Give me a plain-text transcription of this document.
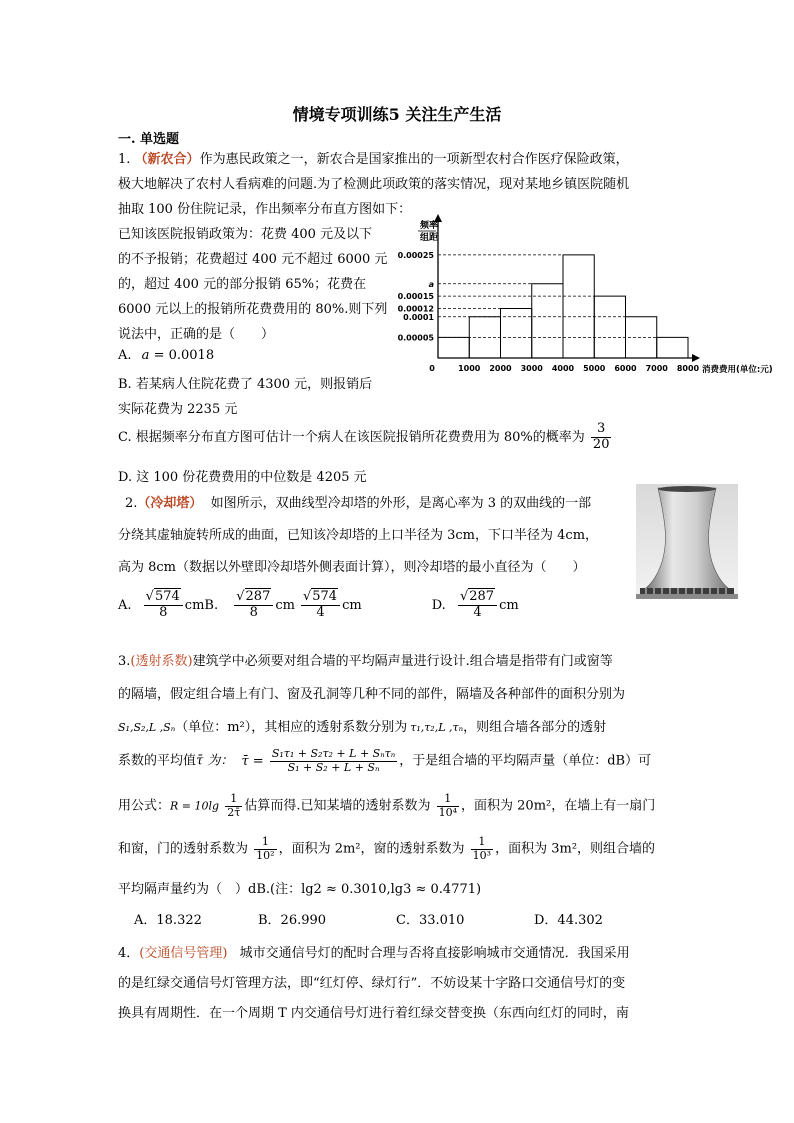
情境专项训练5 关注生产生活
一. 单选题
1. （新农合）作为惠民政策之一，新农合是国家推出的一项新型农村合作医疗保险政策，
极大地解决了农村人看病难的问题.为了检测此项政策的落实情况，现对某地乡镇医院随机
抽取 100 份住院记录，作出频率分布直方图如下：
已知该医院报销政策为：花费 400 元及以下
的不予报销；花费超过 400 元不超过 6000 元
的，超过 400 元的部分报销 65%；花费在
6000 元以上的报销所花费费用的 80%.则下列
说法中，正确的是（　　）
A. a = 0.0018
B. 若某病人住院花费了 4300 元，则报销后
实际花费为 2235 元
C. 根据频率分布直方图可估计一个病人在该医院报销所花费费用为 80%的概率为 $\frac{3}{20}$
D. 这 100 份花费费用的中位数是 4205 元
频率
组距
消费费用(单位:元)
0.00025
a
0.00015
0.00012
0.0001
0.00005
0	1000 2000 3000 4000 5000 6000 7000 8000
2.（冷却塔） 如图所示，双曲线型冷却塔的外形，是离心率为 3 的双曲线的一部
分绕其虚轴旋转所成的曲面，已知该冷却塔的上口半径为 3cm，下口半径为 4cm，
高为 8cm（数据以外壁即冷却塔外侧表面计算），则冷却塔的最小直径为（　　）
A. $\frac{√574}{8}$ cmB. $\frac{√287}{8}$ cm $\frac{√574}{4}$ cm	D. $\frac{√287}{4}$ cm
3.(透射系数)建筑学中必须要对组合墙的平均隔声量进行设计.组合墙是指带有门或窗等
的隔墙，假定组合墙上有门、窗及孔洞等几种不同的部件，隔墙及各种部件的面积分别为
S₁,S₂,L ,Sₙ（单位：m²），其相应的透射系数分别为 τ₁,τ₂,L ,τₙ，则组合墙各部分的透射
系数的平均值τ̄ 为： τ̄ = $\frac{\text{S₁τ₁ + S₂τ₂ + L + Sₙτₙ}}{\text{S₁ + S₂ + L + Sₙ}}$ ，于是组合墙的平均隔声量（单位：dB）可
用公式：$R = 10\lg \frac{1}{2\taū}$ 估算而得.已知某墙的透射系数为 $\frac{1}{\text{10⁴}}$ ，面积为 20m²，在墙上有一扇门
和窗，门的透射系数为 $\frac{1}{\text{10²}}$ ，面积为 2m²，窗的透射系数为 $\frac{1}{\text{10³}}$ ，面积为 3m²，则组合墙的
平均隔声量约为（　）dB.(注：lg2 ≈ 0.3010,lg3 ≈ 0.4771)
A．18.322	B．26.990	C．33.010	D．44.302
4．(交通信号管理) 城市交通信号灯的配时合理与否将直接影响城市交通情况．我国采用
的是红绿交通信号灯管理方法，即“红灯停、绿灯行”．不妨设某十字路口交通信号灯的变
换具有周期性．在一个周期 T 内交通信号灯进行着红绿交替变换（东西向红灯的同时，南
